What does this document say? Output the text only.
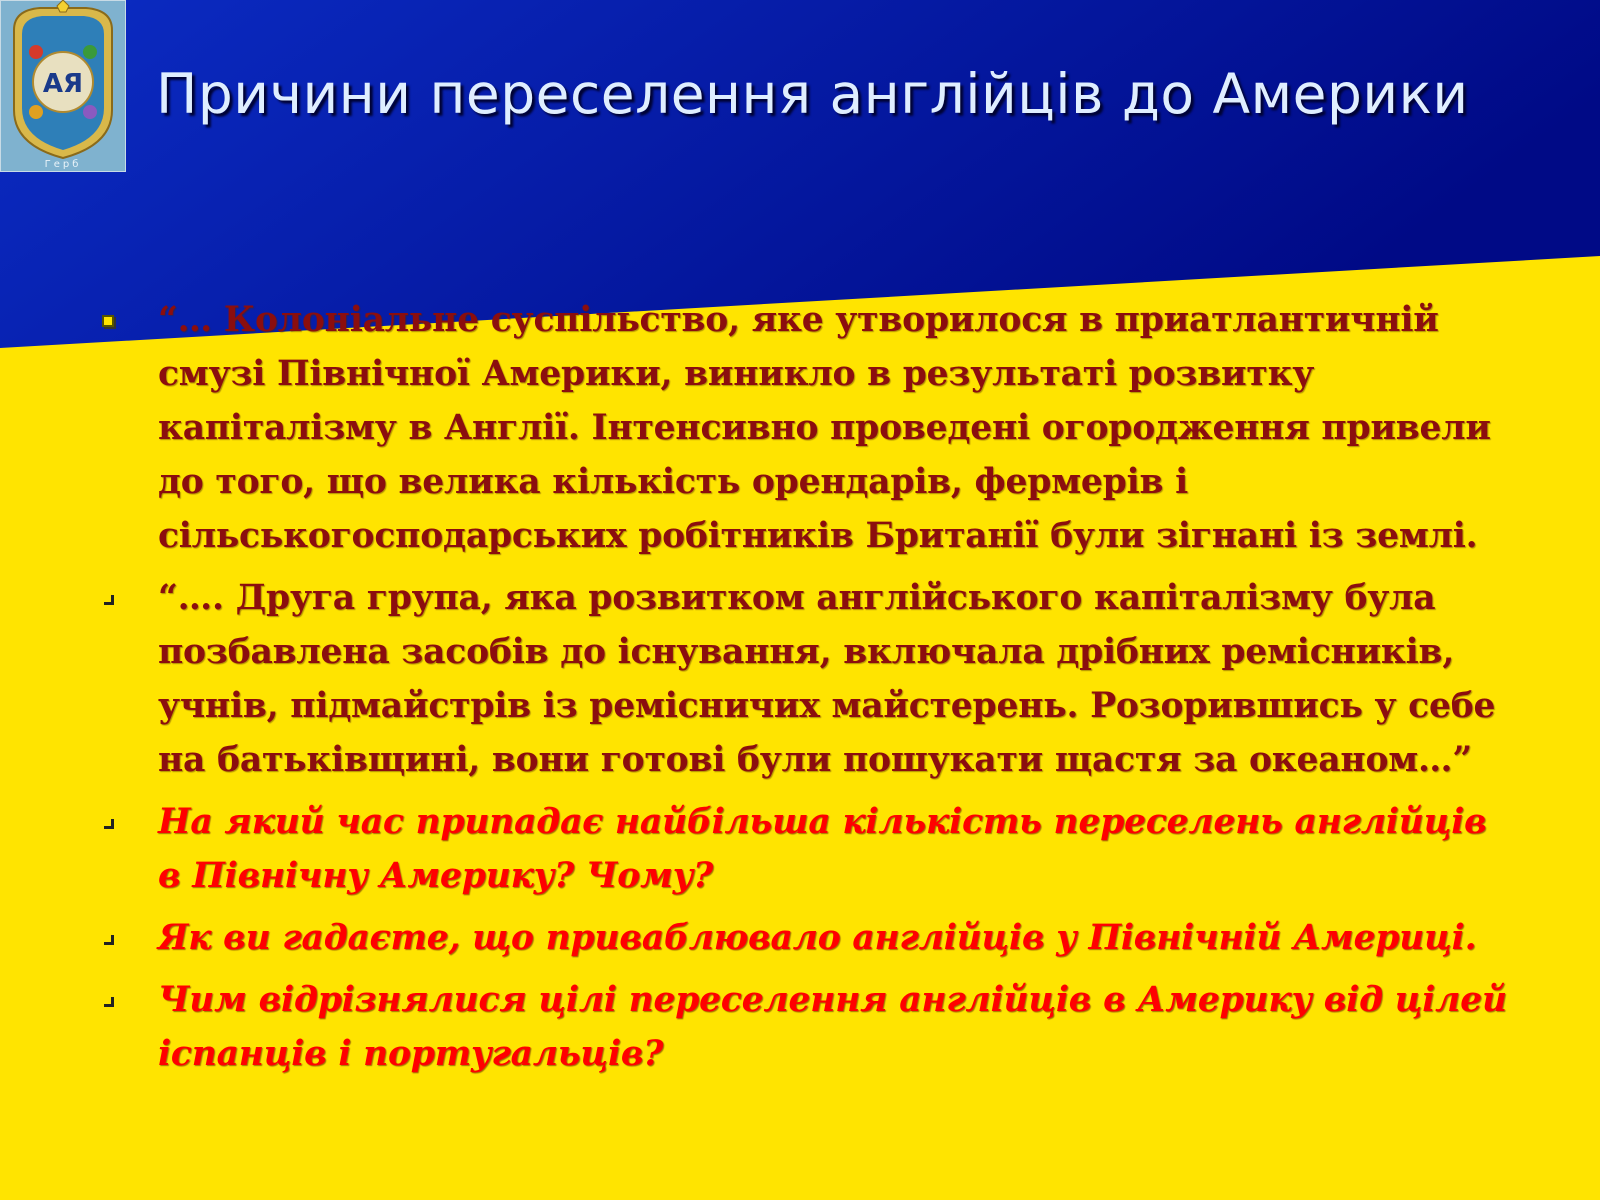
АЯ
Герб
Причини переселення англійців до Америки
“… Колоніальне суспільство, яке утворилося в приатлантичній смузі Північної Америки, виникло в результаті розвитку капіталізму в Англії. Інтенсивно проведені огородження привели до того, що велика кількість орендарів, фермерів і сільськогосподарських робітників Британії були зігнані із землі.
“…. Друга група, яка розвитком англійського капіталізму була позбавлена засобів до існування, включала дрібних ремісників, учнів, підмайстрів із ремісничих майстерень. Розорившись у себе на батьківщині, вони готові були пошукати щастя за океаном…”
На який час припадає найбільша кількість переселень англійців в Північну Америку? Чому?
Як ви гадаєте, що приваблювало англійців у Північній Америці.
Чим відрізнялися цілі переселення англійців в Америку від цілей іспанців і португальців?
